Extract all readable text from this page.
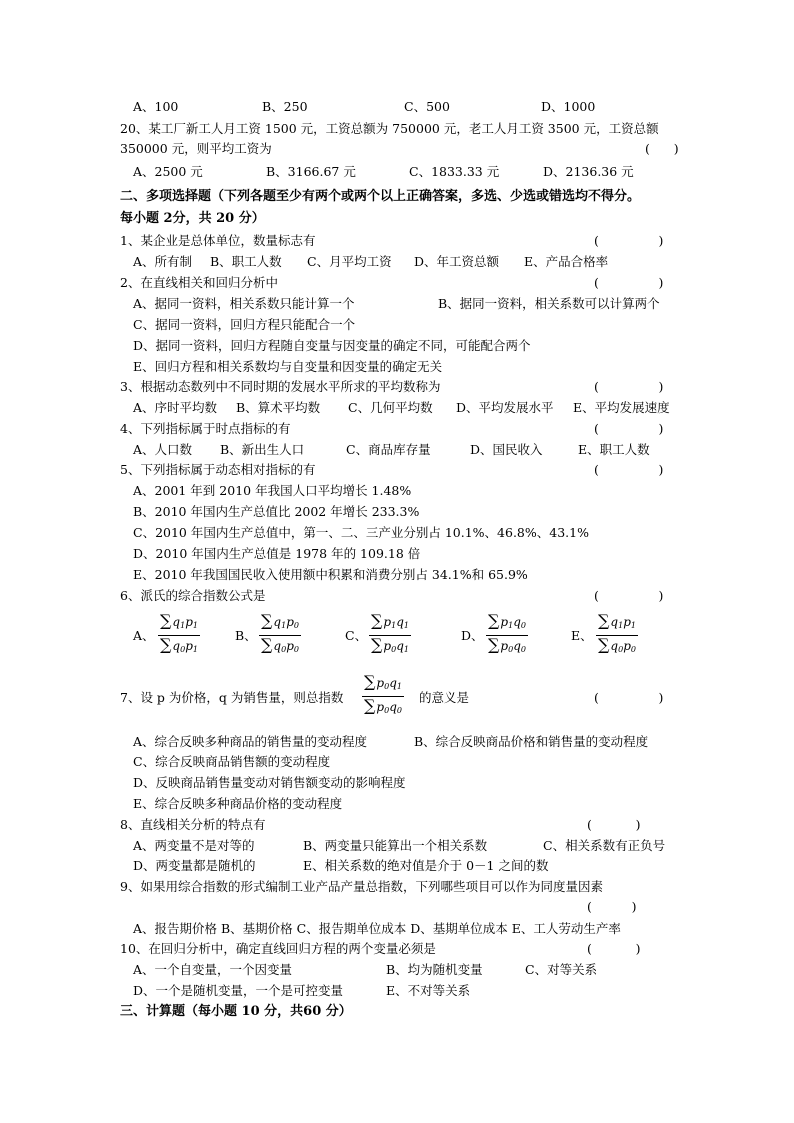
A、100	B、250	C、500	D、1000
20、某工厂新工人月工资 1500 元，工资总额为 750000 元，老工人月工资 3500 元，工资总额
350000 元，则平均工资为	(      )
A、2500 元	B、3166.67 元	C、1833.33 元	D、2136.36 元
二、多项选择题（下列各题至少有两个或两个以上正确答案，多选、少选或错选均不得分。
每小题 2分，共 20 分）
1、某企业是总体单位，数量标志有	(               )
A、所有制 B、职工人数 C、月平均工资 D、年工资总额 E、产品合格率
2、在直线相关和回归分析中	(               )
A、据同一资料，相关系数只能计算一个	B、据同一资料，相关系数可以计算两个
C、据同一资料，回归方程只能配合一个
D、据同一资料，回归方程随自变量与因变量的确定不同，可能配合两个
E、回归方程和相关系数均与自变量和因变量的确定无关
3、根据动态数列中不同时期的发展水平所求的平均数称为	(               )
A、序时平均数 B、算术平均数 C、几何平均数 D、平均发展水平 E、平均发展速度
4、下列指标属于时点指标的有	(               )
A、人口数 B、新出生人口	C、商品库存量	D、国民收入	E、职工人数
5、下列指标属于动态相对指标的有	(               )
A、2001 年到 2010 年我国人口平均增长 1.48%
B、2010 年国内生产总值比 2002 年增长 233.3%
C、2010 年国内生产总值中，第一、二、三产业分别占 10.1%、46.8%、43.1%
D、2010 年国内生产总值是 1978 年的 109.18 倍
E、2010 年我国国民收入使用额中积累和消费分别占 34.1%和 65.9%
6、派氏的综合指数公式是	(               )
A、 $\frac{\sum q_1p_1}{\sum q_0p_1}$	B、 $\frac{\sum q_1p_0}{\sum q_0p_0}$	C、 $\frac{\sum p_1q_1}{\sum p_0q_1}$	D、 $\frac{\sum p_1q_0}{\sum p_0q_0}$	E、 $\frac{\sum q_1p_1}{\sum q_0p_0}$
7、设 p 为价格，q 为销售量，则总指数 $\frac{\sum p_0q_1}{\sum p_0q_0}$ 的意义是	(               )
A、综合反映多种商品的销售量的变动程度	B、综合反映商品价格和销售量的变动程度
C、综合反映商品销售额的变动程度
D、反映商品销售量变动对销售额变动的影响程度
E、综合反映多种商品价格的变动程度
8、直线相关分析的特点有	(           )
A、两变量不是对等的	B、两变量只能算出一个相关系数	C、相关系数有正负号
D、两变量都是随机的	E、相关系数的绝对值是介于 0－1 之间的数
9、如果用综合指数的形式编制工业产品产量总指数，下列哪些项目可以作为同度量因素
(          )
A、报告期价格 B、基期价格 C、报告期单位成本 D、基期单位成本 E、工人劳动生产率
10、在回归分析中，确定直线回归方程的两个变量必须是	(           )
A、一个自变量，一个因变量	B、均为随机变量	C、对等关系
D、一个是随机变量，一个是可控变量	E、不对等关系
三、计算题（每小题 10 分，共60 分）
